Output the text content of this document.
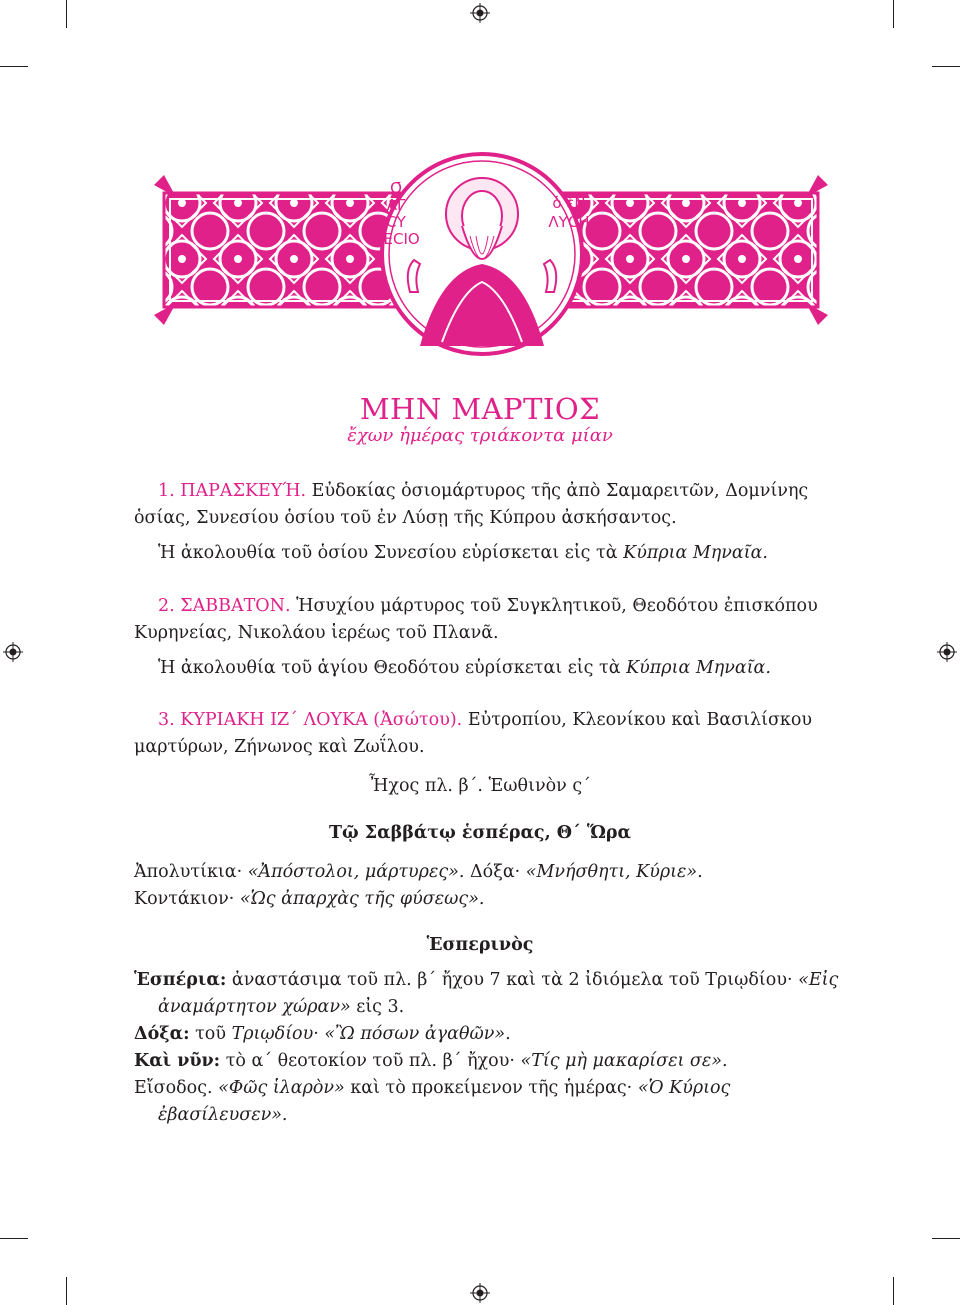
Ο̄
ΑΓ
СΥ
ΝΕСΙΟ
ὁ ἐΝ
ΛΥСΗ
ΜΗΝ ΜΑΡΤΙΟΣ
ἔχων ἡμέρας τριάκοντα μίαν

1. ΠΑΡΑΣΚΕΥΉ. Εὐδοκίας ὁσιομάρτυρος τῆς ἀπὸ Σαμαρειτῶν, Δομνίνης ὁσίας, Συνεσίου ὁσίου τοῦ ἐν Λύσῃ τῆς Κύπρου ἀσκήσαντος.

Ἡ ἀκολουθία τοῦ ὁσίου Συνεσίου εὑρίσκεται εἰς τὰ Κύπρια Μηναῖα.

2. ΣΑΒΒΑΤΟΝ. Ἡσυχίου μάρτυρος τοῦ Συγκλητικοῦ, Θεοδότου ἐπισκόπου Κυρηνείας, Νικολάου ἱερέως τοῦ Πλανᾶ.

Ἡ ἀκολουθία τοῦ ἁγίου Θεοδότου εὑρίσκεται εἰς τὰ Κύπρια Μηναῖα.

3. ΚΥΡΙΑΚΗ ΙΖ΄ ΛΟΥΚΑ (Ἀσώτου). Εὐτροπίου, Κλεονίκου καὶ Βασιλίσκου μαρτύρων, Ζήνωνος καὶ Ζωΐλου.

Ἦχος πλ. β΄. Ἑωθινὸν ς΄

Τῷ Σαββάτῳ ἑσπέρας, Θ΄ Ὥρα

Ἀπολυτίκια· «Ἀπόστολοι, μάρτυρες». Δόξα· «Μνήσθητι, Κύριε».

Κοντάκιον· «Ὡς ἀπαρχὰς τῆς φύσεως».

Ἑσπερινὸς

Ἑσπέρια: ἀναστάσιμα τοῦ πλ. β΄ ἤχου 7 καὶ τὰ 2 ἰδιόμελα τοῦ Τριῳδίου· «Εἰς ἀναμάρτητον χώραν» εἰς 3.

Δόξα: τοῦ Τριῳδίου· «Ὢ πόσων ἀγαθῶν».

Καὶ νῦν: τὸ α΄ θεοτοκίον τοῦ πλ. β΄ ἤχου· «Τίς μὴ μακαρίσει σε».

Εἴσοδος. «Φῶς ἱλαρὸν» καὶ τὸ προκείμενον τῆς ἡμέρας· «Ὁ Κύριος ἐβασίλευσεν».
